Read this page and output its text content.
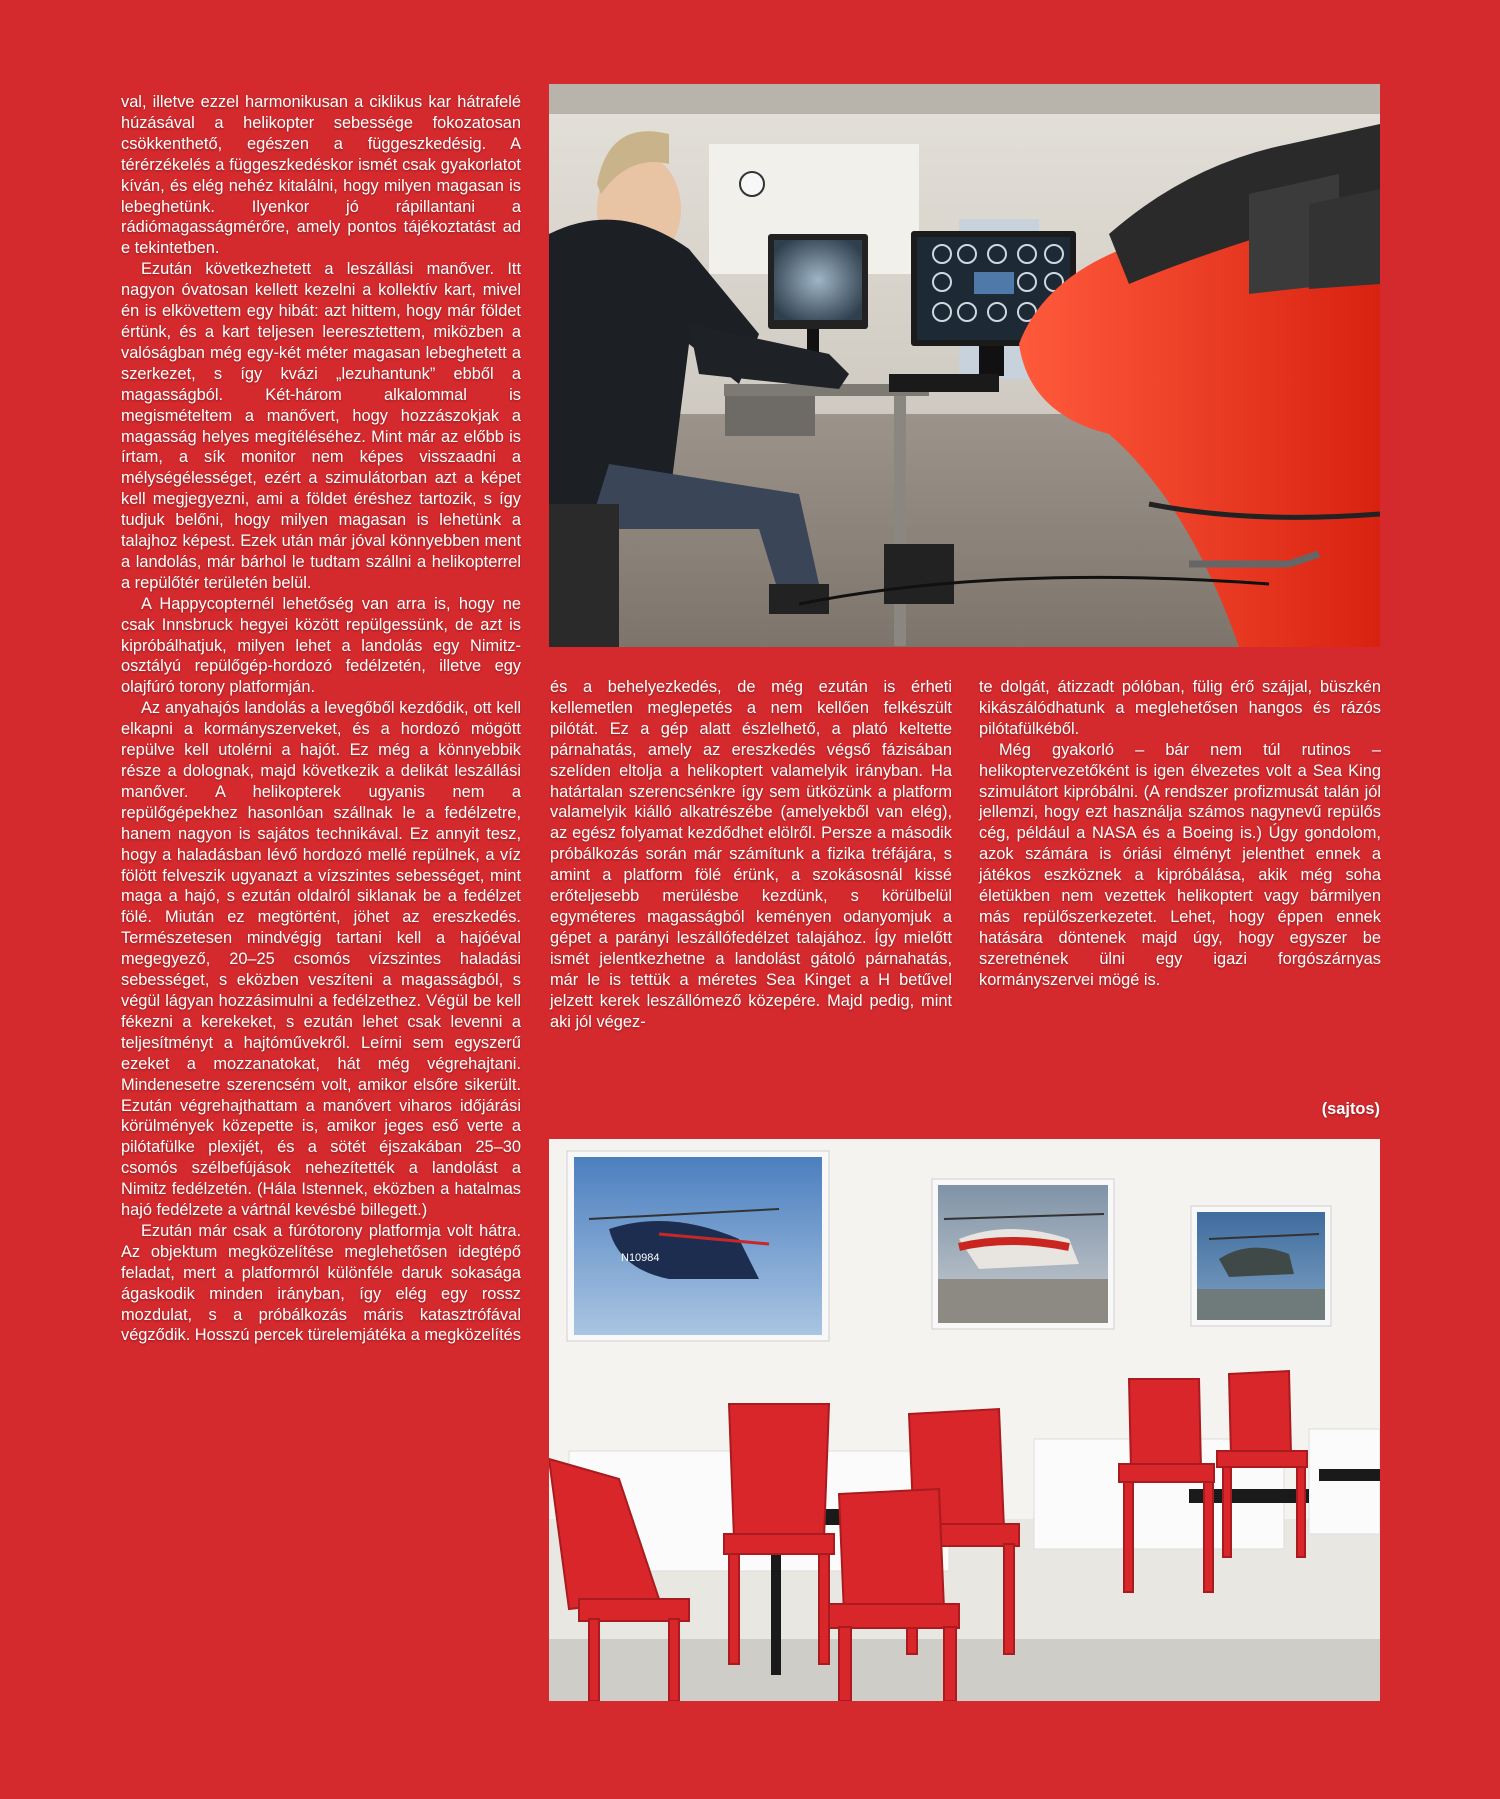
val, illetve ezzel harmonikusan a ciklikus kar hátrafelé húzásával a helikopter sebessége fokozatosan csökkenthető, egészen a függeszkedésig. A térérzékelés a függeszkedéskor ismét csak gyakorlatot kíván, és elég nehéz kitalálni, hogy milyen magasan is lebeghetünk. Ilyenkor jó rápillantani a rádiómagasságmérőre, amely pontos tájékoztatást ad e tekintetben.

Ezután következhetett a leszállási manőver. Itt nagyon óvatosan kellett kezelni a kollektív kart, mivel én is elkövettem egy hibát: azt hittem, hogy már földet értünk, és a kart teljesen leeresztettem, miközben a valóságban még egy-két méter magasan lebeghetett a szerkezet, s így kvázi „lezuhantunk” ebből a magasságból. Két-három alkalommal is megismételtem a manővert, hogy hozzászokjak a magasság helyes megítéléséhez. Mint már az előbb is írtam, a sík monitor nem képes visszaadni a mélységélességet, ezért a szimulátorban azt a képet kell megjegyezni, ami a földet éréshez tartozik, s így tudjuk belőni, hogy milyen magasan is lehetünk a talajhoz képest. Ezek után már jóval könnyebben ment a landolás, már bárhol le tudtam szállni a helikopterrel a repülőtér területén belül.

A Happycopternél lehetőség van arra is, hogy ne csak Innsbruck hegyei között repülgessünk, de azt is kipróbálhatjuk, milyen lehet a landolás egy Nimitz-osztályú repülőgép-hordozó fedélzetén, illetve egy olajfúró torony platformján.

Az anyahajós landolás a levegőből kezdődik, ott kell elkapni a kormányszerveket, és a hordozó mögött repülve kell utolérni a hajót. Ez még a könnyebbik része a dolognak, majd következik a delikát leszállási manőver. A helikopterek ugyanis nem a repülőgépekhez hasonlóan szállnak le a fedélzetre, hanem nagyon is sajátos technikával. Ez annyit tesz, hogy a haladásban lévő hordozó mellé repülnek, a víz fölött felveszik ugyanazt a vízszintes sebességet, mint maga a hajó, s ezután oldalról siklanak be a fedélzet fölé. Miután ez megtörtént, jöhet az ereszkedés. Természetesen mindvégig tartani kell a hajóéval megegyező, 20–25 csomós vízszintes haladási sebességet, s eközben veszíteni a magasságból, s végül lágyan hozzásimulni a fedélzethez. Végül be kell fékezni a kerekeket, s ezután lehet csak levenni a teljesítményt a hajtóművekről. Leírni sem egyszerű ezeket a mozzanatokat, hát még végrehajtani. Mindenesetre szerencsém volt, amikor elsőre sikerült. Ezután végrehajthattam a manővert viharos időjárási körülmények közepette is, amikor jeges eső verte a pilótafülke plexijét, és a sötét éjszakában 25–30 csomós szélbefújások nehezítették a landolást a Nimitz fedélzetén. (Hála Istennek, eközben a hatalmas hajó fedélzete a vártnál kevésbé billegett.)

Ezután már csak a fúrótorony platformja volt hátra. Az objektum megközelítése meglehetősen idegtépő feladat, mert a platformról különféle daruk sokasága ágaskodik minden irányban, így elég egy rossz mozdulat, s a próbálkozás máris katasztrófával végződik. Hosszú percek türelemjátéka a megközelítés

és a behelyezkedés, de még ezután is érheti kellemetlen meglepetés a nem kellően felkészült pilótát. Ez a gép alatt észlelhető, a plató keltette párnahatás, amely az ereszkedés végső fázisában szelíden eltolja a helikoptert valamelyik irányban. Ha határtalan szerencsénkre így sem ütközünk a platform valamelyik kiálló alkatrészébe (amelyekből van elég), az egész folyamat kezdődhet elölről. Persze a második próbálkozás során már számítunk a fizika tréfájára, s amint a platform fölé érünk, a szokásosnál kissé erőteljesebb merülésbe kezdünk, s körülbelül egyméteres magasságból keményen odanyomjuk a gépet a parányi leszállófedélzet talajához. Így mielőtt ismét jelentkezhetne a landolást gátoló párnahatás, már le is tettük a méretes Sea Kinget a H betűvel jelzett kerek leszállómező közepére. Majd pedig, mint aki jól végez-

te dolgát, átizzadt pólóban, fülig érő szájjal, büszkén kikászálódhatunk a meglehetősen hangos és rázós pilótafülkéből.

Még gyakorló – bár nem túl rutinos – helikoptervezetőként is igen élvezetes volt a Sea King szimulátort kipróbálni. (A rendszer profizmusát talán jól jellemzi, hogy ezt használja számos nagynevű repülős cég, például a NASA és a Boeing is.) Úgy gondolom, azok számára is óriási élményt jelenthet ennek a játékos eszköznek a kipróbálása, akik még soha életükben nem vezettek helikoptert vagy bármilyen más repülőszerkezetet. Lehet, hogy éppen ennek hatására döntenek majd úgy, hogy egyszer be szeretnének ülni egy igazi forgószárnyas kormányszervei mögé is.

(sajtos)
N10984
